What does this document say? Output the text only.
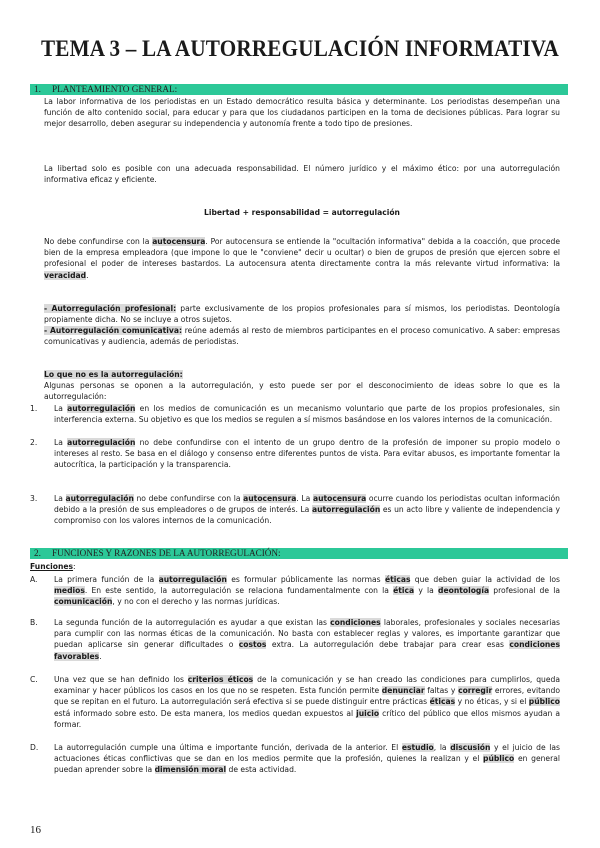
TEMA 3 – LA AUTORREGULACIÓN INFORMATIVA
1. PLANTEAMIENTO GENERAL:
La labor informativa de los periodistas en un Estado democrático resulta básica y determinante. Los periodistas desempeñan una función de alto contenido social, para educar y para que los ciudadanos participen en la toma de decisiones públicas. Para lograr su mejor desarrollo, deben asegurar su independencia y autonomía frente a todo tipo de presiones.
La libertad solo es posible con una adecuada responsabilidad. El número jurídico y el máximo ético: por una autorregulación informativa eficaz y eficiente.
Libertad + responsabilidad = autorregulación
No debe confundirse con la autocensura. Por autocensura se entiende la "ocultación informativa" debida a la coacción, que procede bien de la empresa empleadora (que impone lo que le "conviene" decir u ocultar) o bien de grupos de presión que ejercen sobre el profesional el poder de intereses bastardos. La autocensura atenta directamente contra la más relevante virtud informativa: la veracidad.
- Autorregulación profesional: parte exclusivamente de los propios profesionales para sí mismos, los periodistas. Deontología propiamente dicha. No se incluye a otros sujetos.
- Autorregulación comunicativa: reúne además al resto de miembros participantes en el proceso comunicativo. A saber: empresas comunicativas y audiencia, además de periodistas.
Lo que no es la autorregulación:
Algunas personas se oponen a la autorregulación, y esto puede ser por el desconocimiento de ideas sobre lo que es la autorregulación:
1. La autorregulación en los medios de comunicación es un mecanismo voluntario que parte de los propios profesionales, sin interferencia externa. Su objetivo es que los medios se regulen a sí mismos basándose en los valores internos de la comunicación.
2. La autorregulación no debe confundirse con el intento de un grupo dentro de la profesión de imponer su propio modelo o intereses al resto. Se basa en el diálogo y consenso entre diferentes puntos de vista. Para evitar abusos, es importante fomentar la autocrítica, la participación y la transparencia.
3. La autorregulación no debe confundirse con la autocensura. La autocensura ocurre cuando los periodistas ocultan información debido a la presión de sus empleadores o de grupos de interés. La autorregulación es un acto libre y valiente de independencia y compromiso con los valores internos de la comunicación.
2. FUNCIONES Y RAZONES DE LA AUTORREGULACIÓN:
Funciones:
A. La primera función de la autorregulación es formular públicamente las normas éticas que deben guiar la actividad de los medios. En este sentido, la autorregulación se relaciona fundamentalmente con la ética y la deontología profesional de la comunicación, y no con el derecho y las normas jurídicas.
B. La segunda función de la autorregulación es ayudar a que existan las condiciones laborales, profesionales y sociales necesarias para cumplir con las normas éticas de la comunicación. No basta con establecer reglas y valores, es importante garantizar que puedan aplicarse sin generar dificultades o costos extra. La autorregulación debe trabajar para crear esas condiciones favorables.
C. Una vez que se han definido los criterios éticos de la comunicación y se han creado las condiciones para cumplirlos, queda examinar y hacer públicos los casos en los que no se respeten. Esta función permite denunciar faltas y corregir errores, evitando que se repitan en el futuro. La autorregulación será efectiva si se puede distinguir entre prácticas éticas y no éticas, y si el público está informado sobre esto. De esta manera, los medios quedan expuestos al juicio crítico del público que ellos mismos ayudan a formar.
D. La autorregulación cumple una última e importante función, derivada de la anterior. El estudio, la discusión y el juicio de las actuaciones éticas conflictivas que se dan en los medios permite que la profesión, quienes la realizan y el público en general puedan aprender sobre la dimensión moral de esta actividad.
16
